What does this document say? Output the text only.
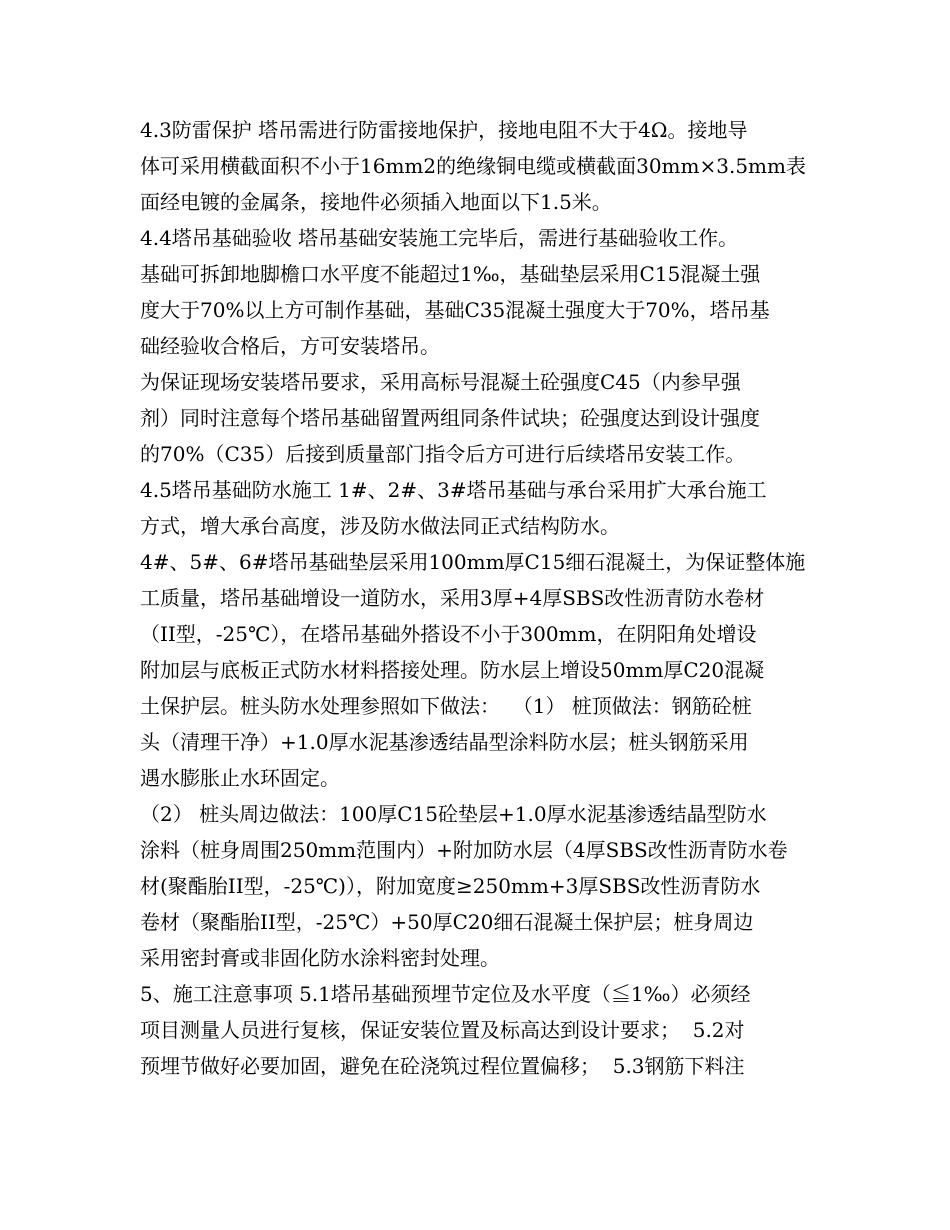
4.3防雷保护 塔吊需进行防雷接地保护，接地电阻不大于4Ω。接地导
体可采用横截面积不小于16mm2的绝缘铜电缆或横截面30mm×3.5mm表
面经电镀的金属条，接地件必须插入地面以下1.5米。
4.4塔吊基础验收 塔吊基础安装施工完毕后，需进行基础验收工作。
基础可拆卸地脚檐口水平度不能超过1‰，基础垫层采用C15混凝土强
度大于70%以上方可制作基础，基础C35混凝土强度大于70%，塔吊基
础经验收合格后，方可安装塔吊。
为保证现场安装塔吊要求，采用高标号混凝土砼强度C45（内参早强
剂）同时注意每个塔吊基础留置两组同条件试块；砼强度达到设计强度
的70%（C35）后接到质量部门指令后方可进行后续塔吊安装工作。
4.5塔吊基础防水施工 1#、2#、3#塔吊基础与承台采用扩大承台施工
方式，增大承台高度，涉及防水做法同正式结构防水。
4#、5#、6#塔吊基础垫层采用100mm厚C15细石混凝土，为保证整体施
工质量，塔吊基础增设一道防水，采用3厚+4厚SBS改性沥青防水卷材
（II型，-25℃），在塔吊基础外搭设不小于300mm，在阴阳角处增设
附加层与底板正式防水材料搭接处理。防水层上增设50mm厚C20混凝
土保护层。桩头防水处理参照如下做法：  （1） 桩顶做法：钢筋砼桩
头（清理干净）+1.0厚水泥基渗透结晶型涂料防水层；桩头钢筋采用
遇水膨胀止水环固定。
（2） 桩头周边做法：100厚C15砼垫层+1.0厚水泥基渗透结晶型防水
涂料（桩身周围250mm范围内）+附加防水层（4厚SBS改性沥青防水卷
材(聚酯胎II型，-25℃)），附加宽度≥250mm+3厚SBS改性沥青防水
卷材（聚酯胎II型，-25℃）+50厚C20细石混凝土保护层；桩身周边
采用密封膏或非固化防水涂料密封处理。
5、施工注意事项 5.1塔吊基础预埋节定位及水平度（≦1‰）必须经
项目测量人员进行复核，保证安装位置及标高达到设计要求；  5.2对
预埋节做好必要加固，避免在砼浇筑过程位置偏移；  5.3钢筋下料注
